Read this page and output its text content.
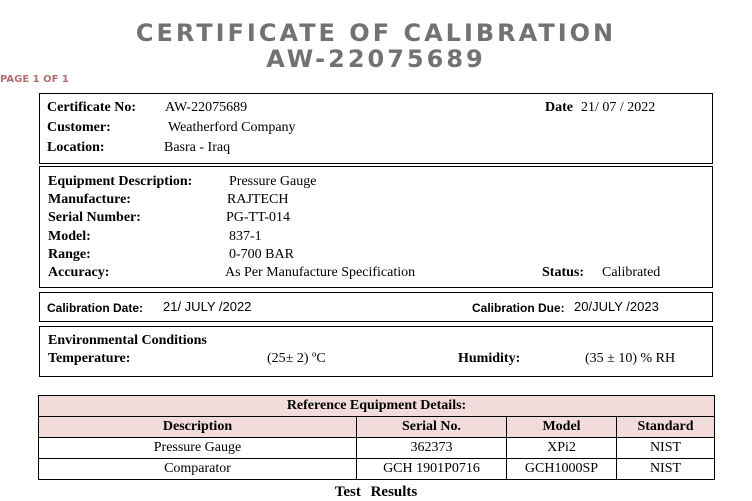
CERTIFICATE OF CALIBRATION
AW-22075689
PAGE 1 OF 1
Certificate No: AW-22075689	Date 21/ 07 / 2022
Customer:	Weatherford Company
Location:	Basra - Iraq
Equipment Description:	Pressure Gauge
Manufacture:	RAJTECH
Serial Number:	PG-TT-014
Model:	837-1
Range:	0-700 BAR
Accuracy:	As Per Manufacture Specification	Status: Calibrated
Calibration Date: 21/ JULY /2022	Calibration Due: 20/JULY /2023
Environmental Conditions
Temperature:	(25± 2) ºC	Humidity:	(35 ± 10) % RH
Reference Equipment Details:			
Description	Serial No.	Model	Standard
Pressure Gauge	362373	XPi2	NIST
Comparator	GCH 1901P0716	GCH1000SP	NIST
Test Results
